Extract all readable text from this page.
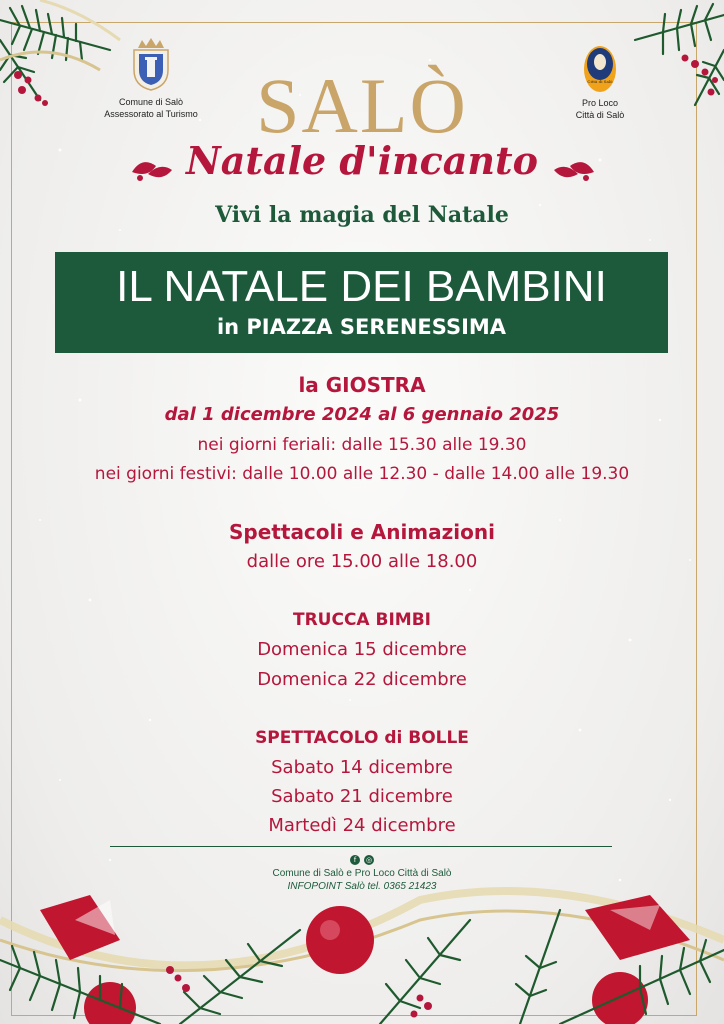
Comune di Salò
Assessorato al Turismo
Città di Salò
Pro Loco
Città di Salò
SALÒ
Natale d'incanto
Vivi la magia del Natale
IL NATALE DEI BAMBINI
in PIAZZA SERENESSIMA
la GIOSTRA
dal 1 dicembre 2024 al 6 gennaio 2025
nei giorni feriali: dalle 15.30 alle 19.30
nei giorni festivi: dalle 10.00 alle 12.30 - dalle 14.00 alle 19.30
Spettacoli e Animazioni
dalle ore 15.00 alle 18.00
TRUCCA BIMBI
Domenica 15 dicembre
Domenica 22 dicembre
SPETTACOLO di BOLLE
Sabato 14 dicembre
Sabato 21 dicembre
Martedì 24 dicembre
f	◎
Comune di Salò e Pro Loco Città di Salò
INFOPOINT Salò tel. 0365 21423
